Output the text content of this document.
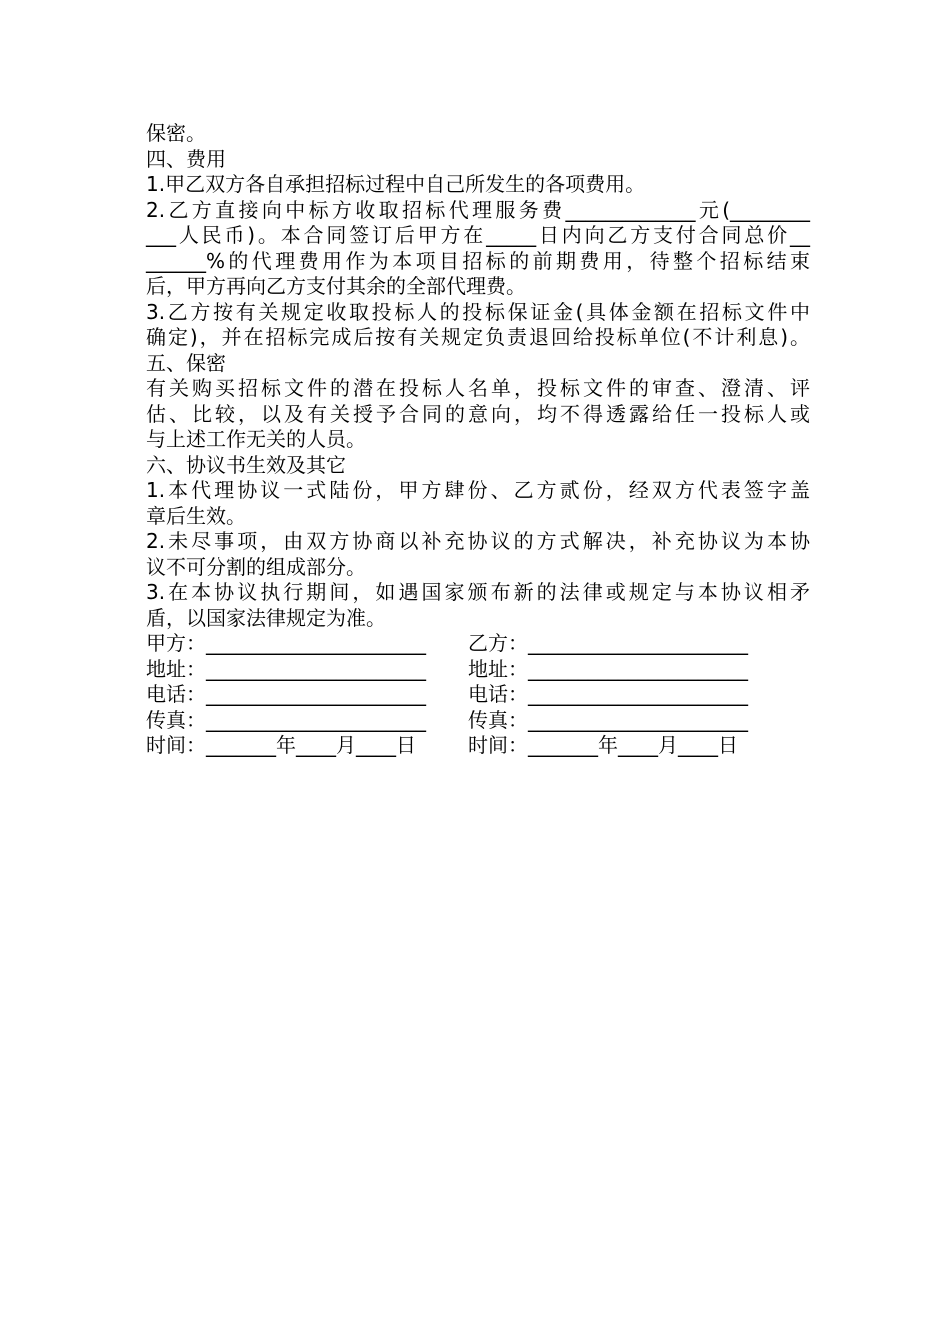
保密。
四、费用
1.甲乙双方各自承担招标过程中自己所发生的各项费用。
2.乙方直接向中标方收取招标代理服务费_____________元(________
___人民币)。本合同签订后甲方在_____日内向乙方支付合同总价__
______%的代理费用作为本项目招标的前期费用，待整个招标结束
后，甲方再向乙方支付其余的全部代理费。
3.乙方按有关规定收取投标人的投标保证金(具体金额在招标文件中
确定)，并在招标完成后按有关规定负责退回给投标单位(不计利息)。
五、保密
有关购买招标文件的潜在投标人名单，投标文件的审查、澄清、评
估、比较，以及有关授予合同的意向，均不得透露给任一投标人或
与上述工作无关的人员。
六、协议书生效及其它
1.本代理协议一式陆份，甲方肆份、乙方贰份，经双方代表签字盖
章后生效。
2.未尽事项，由双方协商以补充协议的方式解决，补充协议为本协
议不可分割的组成部分。
3.在本协议执行期间，如遇国家颁布新的法律或规定与本协议相矛
盾，以国家法律规定为准。

甲方：______________________

乙方：______________________

地址：______________________

地址：______________________

电话：______________________

电话：______________________

传真：______________________

传真：______________________

时间：_______年____月____日

	时间：_______年____月____日
